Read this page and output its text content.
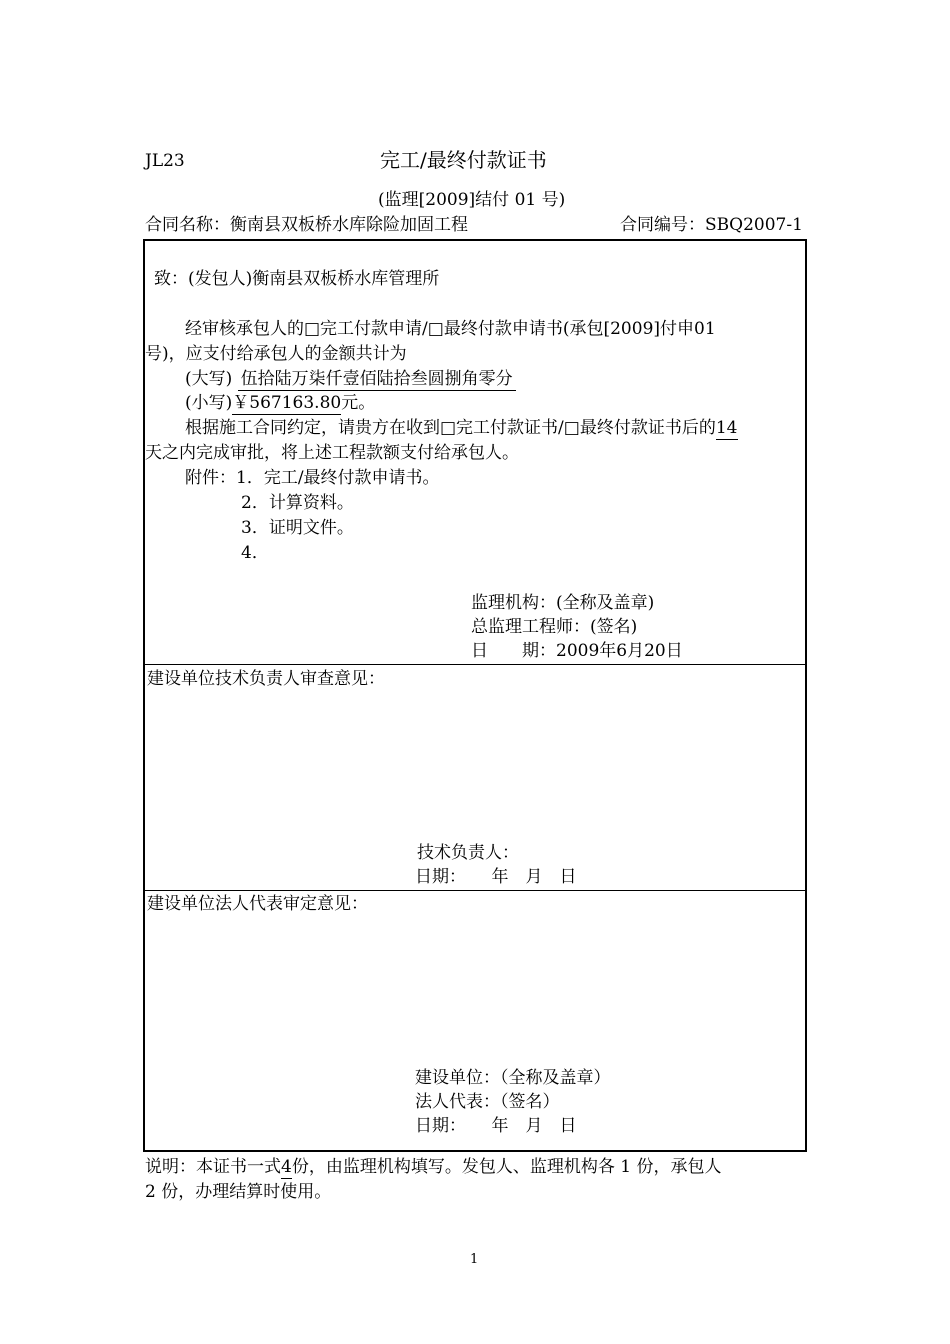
JL23	完工/最终付款证书
(监理[2009]结付 01 号)
合同名称：衡南县双板桥水库除险加固工程	合同编号：SBQ2007-1
致：(发包人)衡南县双板桥水库管理所
经审核承包人的□完工付款申请/□最终付款申请书(承包[2009]付申01
号)，应支付给承包人的金额共计为
(大写) 伍拾陆万柒仟壹佰陆拾叁圆捌角零分
(小写)￥567163.80元。
根据施工合同约定，请贵方在收到□完工付款证书/□最终付款证书后的14
天之内完成审批，将上述工程款额支付给承包人。
附件：1．完工/最终付款申请书。
2．计算资料。
3．证明文件。
4．
监理机构：(全称及盖章)
总监理工程师：(签名)
日　　期：2009年6月20日
建设单位技术负责人审查意见：
技术负责人：
日期：　　年　月　日
建设单位法人代表审定意见：
建设单位：（全称及盖章）
法人代表：（签名）
日期：　　年　月　日
说明：本证书一式4份，由监理机构填写。发包人、监理机构各 1 份，承包人
2 份，办理结算时使用。
1
